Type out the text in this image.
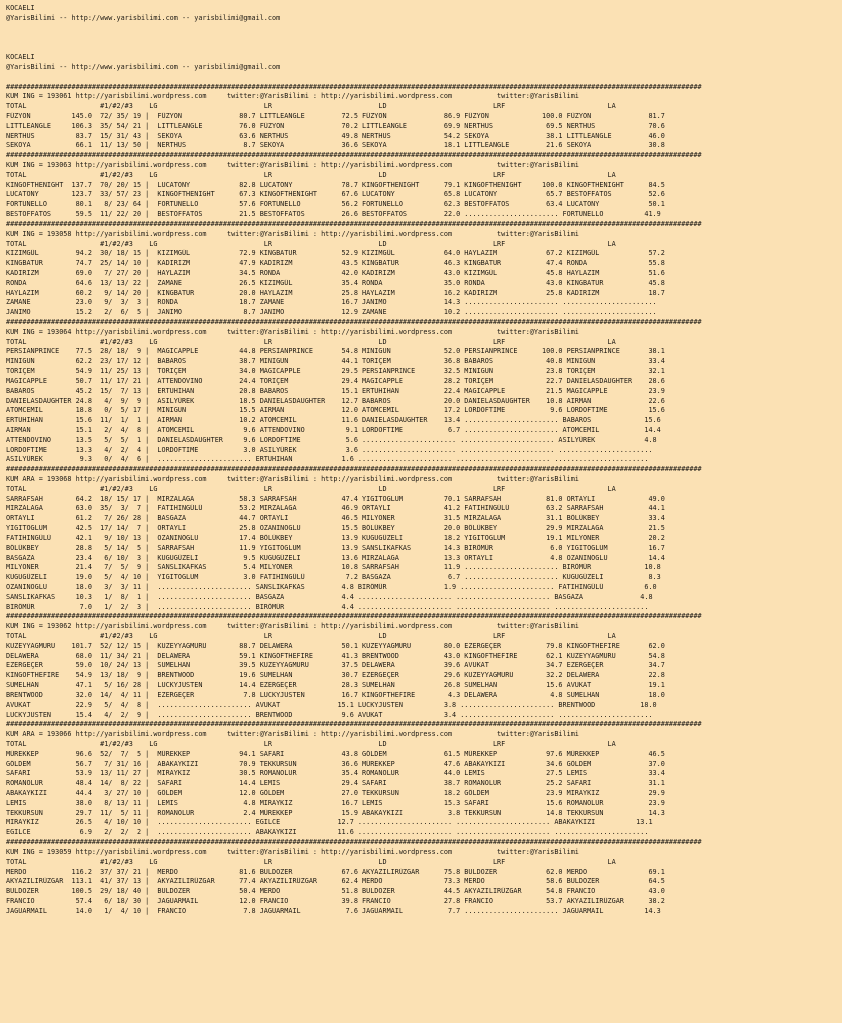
KOCAELI
@YarisBilimi -- http://www.yarisbilimi.com -- yarisbilimi@gmail.com

KOCAELI
@YarisBilimi -- http://www.yarisbilimi.com -- yarisbilimi@gmail.com

##########################################################################################################################################################################
KUM ING = 193061 http://yarisbilimi.wordpress.com     twitter:@YarisBilimi : http://yarisbilimi.wordpress.com           twitter:@YarisBilimi
TOTAL                  #1/#2/#3    LG                          LR                          LD                          LRF                         LA
FÜZYON          145.0  72/ 35/ 19 |  FÜZYON              80.7 LITTLEANGLE         72.5 FÜZYON              86.9 FÜZYON             100.0 FÜZYON              81.7
LITTLEANGLE     106.3  35/ 54/ 21 |  LITTLEANGLE         76.0 FÜZYON              70.2 LITTLEANGLE         69.9 NERTHUS             69.5 NERTHUS             70.6
NERTHUS          83.7  15/ 31/ 43 |  SEKOYA              63.6 NERTHUS             49.8 NERTHUS             54.2 SEKOYA              38.1 LITTLEANGLE         46.0
SEKOYA           66.1  11/ 13/ 50 |  NERTHUS              8.7 SEKOYA              36.6 SEKOYA              18.1 LITTLEANGLE         21.6 SEKOYA              30.8
##########################################################################################################################################################################
KUM ING = 193063 http://yarisbilimi.wordpress.com     twitter:@YarisBilimi : http://yarisbilimi.wordpress.com           twitter:@YarisBilimi
TOTAL                  #1/#2/#3    LG                          LR                          LD                          LRF                         LA
KINGOFTHENIGHT  137.7  70/ 20/ 15 |  LUCATONY            82.8 LUCATONY            78.7 KINGOFTHENIGHT      79.1 KINGOFTHENIGHT     100.0 KINGOFTHENIGHT      84.5
LUCATONY        123.7  33/ 57/ 23 |  KINGOFTHENIGHT      67.3 KINGOFTHENIGHT      67.6 LUCATONY            65.8 LUCATONY            65.7 BESTOFFATOS         52.6
FORTUNELLO       80.1   8/ 23/ 64 |  FORTUNELLO          57.6 FORTUNELLO          56.2 FORTUNELLO          62.3 BESTOFFATOS         63.4 LUCATONY            50.1
BESTOFFATOS      59.5  11/ 22/ 20 |  BESTOFFATOS         21.5 BESTOFFATOS         26.6 BESTOFFATOS         22.0 ....................... FORTUNELLO          41.9
##########################################################################################################################################################################
KUM ING = 193058 http://yarisbilimi.wordpress.com     twitter:@YarisBilimi : http://yarisbilimi.wordpress.com           twitter:@YarisBilimi
TOTAL                  #1/#2/#3    LG                          LR                          LD                          LRF                         LA
KIZIMGÜL         94.2  30/ 18/ 15 |  KIZIMGÜL            72.9 KINGBATUR           52.9 KIZIMGÜL            64.0 HAYLAZIM            67.2 KIZIMGÜL            57.2
KINGBATUR        74.7  25/ 14/ 10 |  KADIRIZM            47.9 KADIRIZM            43.5 KINGBATUR           46.3 KINGBATUR           47.4 RONDA               55.8
KADIRIZM         69.0   7/ 27/ 20 |  HAYLAZIM            34.5 RONDA               42.0 KADIRIZM            43.0 KIZIMGÜL            45.8 HAYLAZIM            51.6
RONDA            64.6  13/ 13/ 22 |  ZAMANE              26.5 KIZIMGÜL            35.4 RONDA               35.0 RONDA               43.0 KINGBATUR           45.8
HAYLAZIM         60.2   9/ 14/ 20 |  KINGBATUR           20.0 HAYLAZIM            25.8 HAYLAZIM            16.2 KADIRIZM            25.8 KADIRIZM            18.7
ZAMANE           23.0   9/  3/  3 |  RONDA               18.7 ZAMANE              16.7 JANIMO              14.3 ....................... .......................
JANIMO           15.2   2/  6/  5 |  JANIMO               8.7 JANIMO              12.9 ZAMANE              10.2 ....................... .......................
##########################################################################################################################################################################
KUM ING = 193064 http://yarisbilimi.wordpress.com     twitter:@YarisBilimi : http://yarisbilimi.wordpress.com           twitter:@YarisBilimi
TOTAL                  #1/#2/#3    LG                          LR                          LD                          LRF                         LA
PERSIANPRINCE    77.5  28/ 18/  9 |  MAGICAPPLE          44.8 PERSIANPRINCE       54.8 MINIGUN             52.0 PERSIANPRINCE      100.0 PERSIANPRINCE       38.1
MINIGUN          62.2  23/ 17/ 12 |  BABAROS             38.7 MINIGUN             44.1 TORIÇEM             36.8 BABAROS             40.8 MINIGUN             33.4
TORIÇEM          54.9  11/ 25/ 13 |  TORIÇEM             34.0 MAGICAPPLE          29.5 PERSIANPRINCE       32.5 MINIGUN             23.8 TORIÇEM             32.1
MAGICAPPLE       50.7  11/ 17/ 21 |  ATTENDOVINO         24.4 TORIÇEM             29.4 MAGICAPPLE          28.2 TORIÇEM             22.7 DANIELASDAUGHTER    28.6
BABAROS          45.2  15/  7/ 13 |  ERTUHIHAN           20.8 BABAROS             15.1 ERTUHIHAN           22.4 MAGICAPPLE          21.5 MAGICAPPLE          23.9
DANIELASDAUGHTER 24.8   4/  9/  9 |  ASILYÜREK           18.5 DANIELASDAUGHTER    12.7 BABAROS             20.0 DANIELASDAUGHTER    10.8 AIRMAN              22.6
ATOMCEMIL        18.8   0/  5/ 17 |  MINIGUN             15.5 AIRMAN              12.0 ATOMCEMIL           17.2 LORDOFTIME           9.6 LORDOFTIME          15.6
ERTUHIHAN        15.6  11/  1/  1 |  AIRMAN              10.2 ATOMCEMIL           11.6 DANIELASDAUGHTER    13.4 ....................... BABAROS             15.6
AIRMAN           15.1   2/  4/  8 |  ATOMCEMIL            9.6 ATTENDOVINO          9.1 LORDOFTIME           6.7 ....................... ATOMCEMIL           14.4
ATTENDOVINO      13.5   5/  5/  1 |  DANIELASDAUGHTER     9.6 LORDOFTIME           5.6 ....................... ....................... ASILYÜREK            4.8
LORDOFTIME       13.3   4/  2/  4 |  LORDOFTIME           3.0 ASILYÜREK            3.6 ....................... ....................... .......................
ASILYÜREK         9.3   0/  4/  6 |  ....................... ERTUHIHAN            1.6 ....................... ....................... .......................
##########################################################################################################################################################################
KUM ARA = 193068 http://yarisbilimi.wordpress.com     twitter:@YarisBilimi : http://yarisbilimi.wordpress.com           twitter:@YarisBilimi
TOTAL                  #1/#2/#3    LG                          LR                          LD                          LRF                         LA
SARRAFSAH        64.2  18/ 15/ 17 |  MIRZALAGA           58.3 SARRAFSAH           47.4 YIGITOGLUM          70.1 SARRAFSAH           81.0 ORTAYLI             49.0
MIRZALAGA        63.0  35/  3/  7 |  FATIHINGÜLÜ         53.2 MIRZALAGA           46.9 ORTAYLI             41.2 FATIHINGÜLÜ         63.2 SARRAFSAH           44.1
ORTAYLI          61.2   7/ 26/ 28 |  BASGAZA             44.7 ORTAYLI             46.5 MILYONER            31.5 MIRZALAGA           31.1 BÖLÜKBEY            33.4
YIGITOGLUM       42.5  17/ 14/  7 |  ORTAYLI             25.8 OZANINOGLU          15.5 BÖLÜKBEY            20.0 BÖLÜKBEY            29.9 MIRZALAGA           21.5
FATIHINGÜLÜ      42.1   9/ 10/ 13 |  OZANINOGLU          17.4 BÖLÜKBEY            13.9 KUGUGÜZELI          18.2 YIGITOGLUM          19.1 MILYONER            20.2
BÖLÜKBEY         28.8   5/ 14/  5 |  SARRAFSAH           11.9 YIGITOGLUM          13.9 SANSLIKAFKAS        14.3 BIRÖMÜR              6.0 YIGITOGLUM          16.7
BASGAZA          23.4   6/ 10/  3 |  KUGUGÜZELI           9.5 KUGUGÜZELI          13.6 MIRZALAGA           13.3 ORTAYLI              4.8 OZANINOGLU          14.4
MILYONER         21.4   7/  5/  9 |  SANSLIKAFKAS         5.4 MILYONER            10.8 SARRAFSAH           11.9 ....................... BIRÖMÜR             10.8
KUGUGÜZELI       19.0   5/  4/ 10 |  YIGITOGLUM           3.0 FATIHINGÜLÜ          7.2 BASGAZA              6.7 ....................... KUGUGÜZELI           8.3
OZANINOGLU       18.0   3/  3/ 11 |  ....................... SANSLIKAFKAS         4.8 BIRÖMÜR              1.9 ....................... FATIHINGÜLÜ          6.0
SANSLIKAFKAS     10.3   1/  8/  1 |  ....................... BASGAZA              4.4 ....................... ....................... BASGAZA              4.8
BIRÖMÜR           7.0   1/  2/  3 |  ....................... BIRÖMÜR              4.4 ....................... ....................... .......................
##########################################################################################################################################################################
KUM ING = 193062 http://yarisbilimi.wordpress.com     twitter:@YarisBilimi : http://yarisbilimi.wordpress.com           twitter:@YarisBilimi
TOTAL                  #1/#2/#3    LG                          LR                          LD                          LRF                         LA
KUZEYYAGMURU    101.7  52/ 12/ 15 |  KUZEYYAGMURU        88.7 DELAWERA            50.1 KUZEYYAGMURU        80.0 EZERGEÇER           79.8 KINGOFTHEFIRE       62.0
DELAWERA         68.0  11/ 34/ 21 |  DELAWERA            59.1 KINGOFTHEFIRE       41.3 BRENTWOOD           43.0 KINGOFTHEFIRE       62.1 KUZEYYAGMURU        54.8
EZERGEÇER        59.0  10/ 24/ 13 |  SUMELHAN            39.5 KUZEYYAGMURU        37.5 DELAWERA            39.6 AVUKAT              34.7 EZERGEÇER           34.7
KINGOFTHEFIRE    54.9  13/ 18/  9 |  BRENTWOOD           19.6 SUMELHAN            30.7 EZERGEÇER           29.6 KUZEYYAGMURU        32.2 DELAWERA            22.8
SUMELHAN         47.1   5/ 16/ 28 |  LUCKYJUSTEN         14.4 EZERGEÇER           28.3 SUMELHAN            26.8 SUMELHAN            15.6 AVUKAT              19.1
BRENTWOOD        32.0  14/  4/ 11 |  EZERGEÇER            7.8 LUCKYJUSTEN         16.7 KINGOFTHEFIRE        4.3 DELAWERA             4.8 SUMELHAN            18.0
AVUKAT           22.9   5/  4/  8 |  ....................... AVUKAT              15.1 LUCKYJUSTEN          3.8 ....................... BRENTWOOD           18.0
LUCKYJUSTEN      15.4   4/  2/  9 |  ....................... BRENTWOOD            9.6 AVUKAT               3.4 ....................... .......................
##########################################################################################################################################################################
KUM ARA = 193066 http://yarisbilimi.wordpress.com     twitter:@YarisBilimi : http://yarisbilimi.wordpress.com           twitter:@YarisBilimi
TOTAL                  #1/#2/#3    LG                          LR                          LD                          LRF                         LA
MÜREKKEP         96.6  52/  7/  5 |  MÜREKKEP            94.1 SAFARI              43.8 GÖLDEM              61.5 MÜREKKEP            97.6 MÜREKKEP            46.5
GÖLDEM           56.7   7/ 31/ 16 |  ABAKAYKIZI          70.9 TEKKURSUN           36.6 MÜREKKEP            47.6 ABAKAYKIZI          34.6 GÖLDEM              37.0
SAFARI           53.9  13/ 11/ 27 |  MIRAYKIZ            30.5 ROMANOLUR           35.4 ROMANOLUR           44.0 LEMIS               27.5 LEMIS               33.4
ROMANOLUR        48.4  14/  8/ 22 |  SAFARI              14.4 LEMIS               29.4 SAFARI              38.7 ROMANOLUR           25.2 SAFARI              31.1
ABAKAYKIZI       44.4   3/ 27/ 10 |  GÖLDEM              12.0 GÖLDEM              27.0 TEKKURSUN           18.2 GÖLDEM              23.9 MIRAYKIZ            29.9
LEMIS            38.0   8/ 13/ 11 |  LEMIS                4.8 MIRAYKIZ            16.7 LEMIS               15.3 SAFARI              15.6 ROMANOLUR           23.9
TEKKURSUN        29.7  11/  5/ 11 |  ROMANOLUR            2.4 MÜREKKEP            15.9 ABAKAYKIZI           3.8 TEKKURSUN           14.8 TEKKURSUN           14.3
MIRAYKIZ         26.5   4/ 10/ 10 |  ....................... EGILCE              12.7 ....................... ....................... ABAKAYKIZI          13.1
EGILCE            6.9   2/  2/  2 |  ....................... ABAKAYKIZI          11.6 ....................... ....................... .......................
##########################################################################################################################################################################
KUM ING = 193059 http://yarisbilimi.wordpress.com     twitter:@YarisBilimi : http://yarisbilimi.wordpress.com           twitter:@YarisBilimi
TOTAL                  #1/#2/#3    LG                          LR                          LD                          LRF                         LA
MERDO           116.2  37/ 37/ 21 |  MERDO               81.6 BULDOZER            67.6 AKYAZILIRÜZGAR      75.8 BULDOZER            62.0 MERDO               69.1
AKYAZILIRÜZGAR  113.1  41/ 37/ 13 |  AKYAZILIRÜZGAR      77.4 AKYAZILIRÜZGAR      62.4 MERDO               73.3 MERDO               58.6 BULDOZER            64.5
BULDOZER        100.5  29/ 18/ 40 |  BULDOZER            50.4 MERDO               51.8 BULDOZER            44.5 AKYAZILIRÜZGAR      54.8 FRANCIO             43.0
FRANCIO          57.4   6/ 18/ 30 |  JAGUARMAIL          12.0 FRANCIO             39.8 FRANCIO             27.8 FRANCIO             53.7 AKYAZILIRÜZGAR      38.2
JAGUARMAIL       14.0   1/  4/ 10 |  FRANCIO              7.8 JAGUARMAIL           7.6 JAGUARMAIL           7.7 ....................... JAGUARMAIL          14.3
